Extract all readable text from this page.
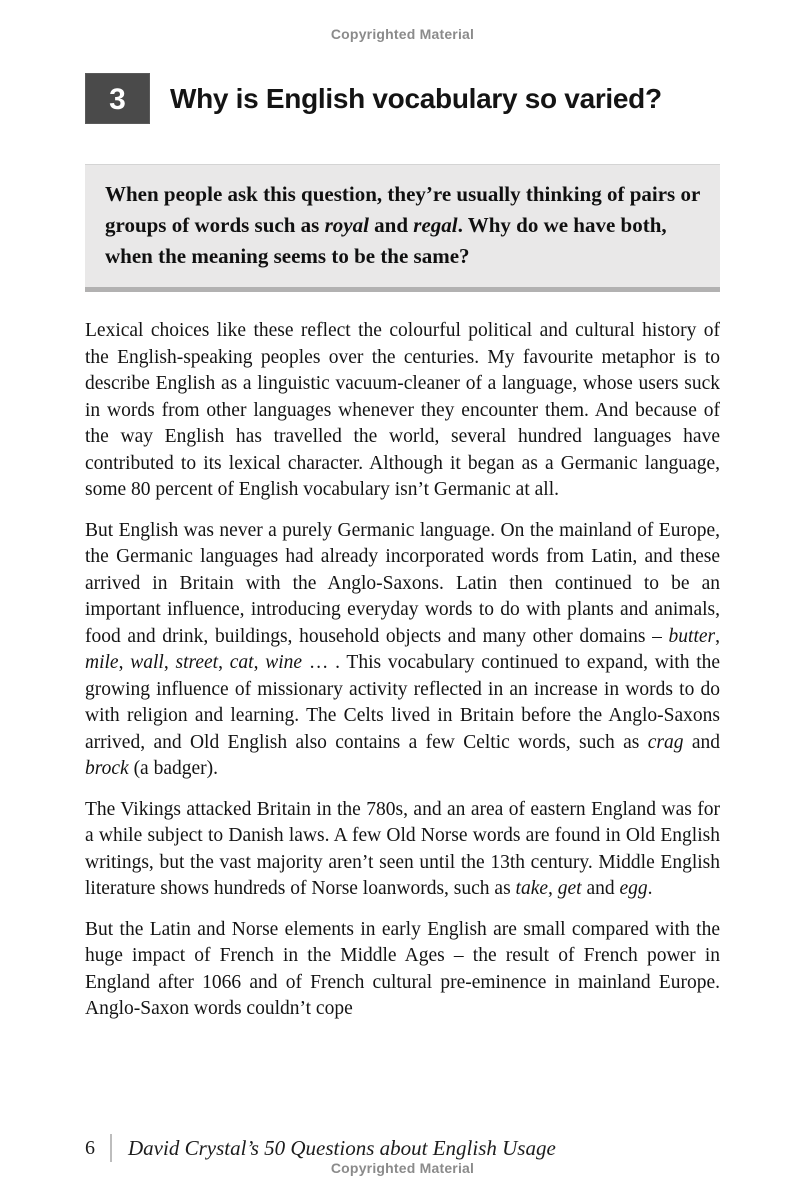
Copyrighted Material
3	Why is English vocabulary so varied?

When people ask this question, they’re usually thinking of pairs or groups of words such as royal and regal. Why do we have both, when the meaning seems to be the same?

Lexical choices like these reflect the colourful political and cultural history of the English-speaking peoples over the centuries. My favourite metaphor is to describe English as a linguistic vacuum-cleaner of a language, whose users suck in words from other languages whenever they encounter them. And because of the way English has travelled the world, several hundred languages have contributed to its lexical character. Although it began as a Germanic language, some 80 percent of English vocabulary isn’t Germanic at all.

But English was never a purely Germanic language. On the mainland of Europe, the Germanic languages had already incorporated words from Latin, and these arrived in Britain with the Anglo-Saxons. Latin then continued to be an important influence, introducing everyday words to do with plants and animals, food and drink, buildings, household objects and many other domains – butter, mile, wall, street, cat, wine … . This vocabulary continued to expand, with the growing influence of missionary activity reflected in an increase in words to do with religion and learning. The Celts lived in Britain before the Anglo-Saxons arrived, and Old English also contains a few Celtic words, such as crag and brock (a badger).

The Vikings attacked Britain in the 780s, and an area of eastern England was for a while subject to Danish laws. A few Old Norse words are found in Old English writings, but the vast majority aren’t seen until the 13th century. Middle English literature shows hundreds of Norse loanwords, such as take, get and egg.

But the Latin and Norse elements in early English are small compared with the huge impact of French in the Middle Ages – the result of French power in England after 1066 and of French cultural pre-eminence in mainland Europe. Anglo-Saxon words couldn’t cope

6 David Crystal’s 50 Questions about English Usage
Copyrighted Material
